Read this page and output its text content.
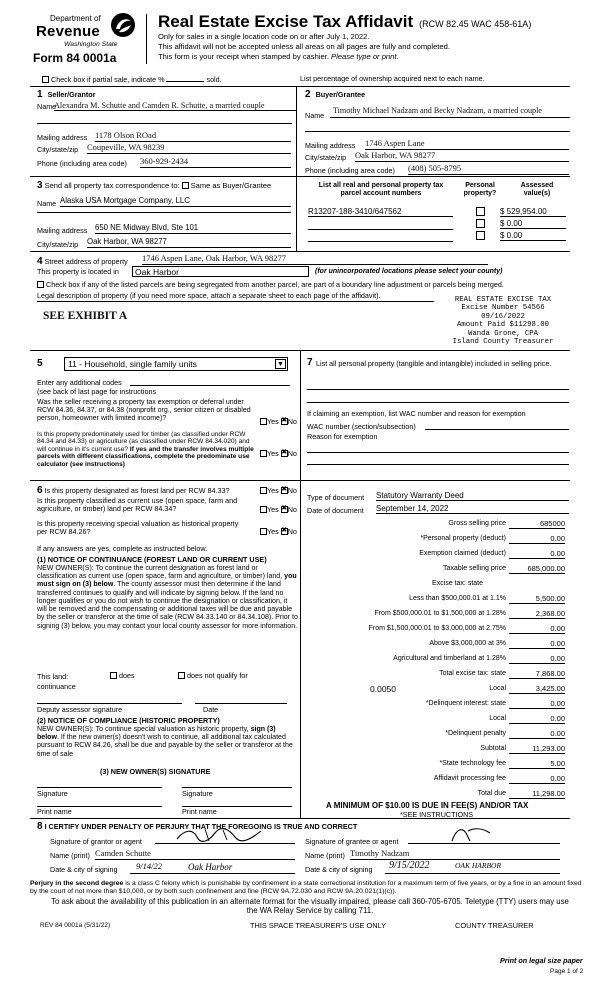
Department of
Revenue
Washington State
Form 84 0001a
Real Estate Excise Tax Affidavit (RCW 82.45 WAC 458-61A)
Only for sales in a single location code on or after July 1, 2022.
This affidavit will not be accepted unless all areas on all pages are fully and completed.
This form is your receipt when stamped by cashier. Please type or print.
Check box if partial sale, indicate %	sold.	List percentage of ownership acquired next to each name.
1 Seller/Grantor
Name
Alexandra M. Schutte and Camden R. Schutte, a married couple
Mailing address 1178 Olson ROad
City/state/zip Coupeville, WA 98239
Phone (including area code) 360-929-2434
2 Buyer/Grantee
Name
Timothy Michael Nadzam and Becky Nadzam, a married couple
Mailing address 1746 Aspen Lane
City/state/zip Oak Harbor, WA 98277
Phone (including area code) (408) 505-8795
3 Send all property tax correspondence to: Same as Buyer/Grantee
Name Alaska USA Mortgage Company, LLC
Mailing address 650 NE Midway Blvd, Ste 101
City/state/zip Oak Harbor, WA 98277
List all real and personal property tax parcel account numbers
Personal property?
Assessed value(s)
R13207-188-3410/647562	$ 529,954.00
$ 0.00
$ 0.00
4 Street address of property 1746 Aspen Lane, Oak Harbor, WA 98277
This property is located in	Oak Harbor	(for unincorporated locations please select your county)
Check box if any of the listed parcels are being segregated from another parcel, are part of a boundary line adjustment or parcels being merged.
Legal description of property (if you need more space, attach a separate sheet to each page of the affidavit).
SEE EXHIBIT A
REAL ESTATE EXCISE TAX
Excise Number 54566
09/16/2022
Amount Paid $11298.00
Wanda Grone, CPA
Island County Treasurer
5	11 - Household, single family units	▼
Enter any additional codes
(see back of last page for instructions
Was the seller receiving a property tax exemption or deferral under RCW 84.36, 84.37, or 84.38 (nonprofit org., senior citizen or disabled person, homeowner with limited income)?	Yes ✖ No
Is this property predominately used for timber (as classified under RCW 84.34 and 84.33) or agriculture (as classified under RCW 84.34.020) and will continue in it's current use? If yes and the transfer involves multiple parcels with different classifications, complete the predominate use calculator (see instructions)
Yes ✖ No
7 List all personal property (tangible and intangible) included in selling price.
If claiming an exemption, list WAC number and reason for exemption
WAC number (section/subsection)
Reason for exemption
6 Is this property designated as forest land per RCW 84.33?	Yes ✖ No
Is this property classified as current use (open space, farm and agriculture, or timber) land per RCW 84.34?	Yes ✖ No
Is this property receiving special valuation as historical property per RCW 84.26?	Yes ✖ No
If any answers are yes, complete as instructed below.
(1) NOTICE OF CONTINUANCE (FOREST LAND OR CURRENT USE)
NEW OWNER(S): To continue the current designation as forest land or classification as current use (open space, farm and agriculture, or timber) land, you must sign on (3) below. The county assessor must then determine if the land transferred continues to qualify and will indicate by signing below. If the land no longer qualifies or you do not wish to continue the designation or classification, it will be removed and the compensating or additional taxes will be due and payable by the seller or transferor at the time of sale (RCW 84.33.140 or 84.34.108). Prior to signing (3) below, you may contact your local county assessor for more information.
This land:	does	does not qualify for
continuance
Deputy assessor signature	Date
(2) NOTICE OF COMPLIANCE (HISTORIC PROPERTY)
NEW OWNER(S): To continue special valuation as historic property, sign (3) below. If the new owner(s) doesn't wish to continue, all additional tax calculated pursuant to RCW 84.26, shall be due and payable by the seller or transferor at the time of sale
(3) NEW OWNER(S) SIGNATURE
Signature	Signature
Print name	Print name
Type of document Statutory Warranty Deed
Date of document September 14, 2022
Gross selling price	685000
*Personal property (deduct)	0.00
Exemption claimed (deduct)	0.00
Taxable selling price	685,000.00
Excise tax: state
Less than $500,000.01 at 1.1%	5,500.00
From $500,000.01 to $1,500,000 at 1.28%	2,368.00
From $1,500,000.01 to $3,000,000 at 2.75%	0.00
Above $3,000,000 at 3%	0.00
Agricultural and timberland at 1.28%	0.00
Total excise tax: state	7,868.00
0.0050	Local	3,425.00
*Delinquent interest: state	0.00
Local	0.00
*Delinquent penalty	0.00
Subtotal	11,293.00
*State technology fee	5.00
Affidavit processing fee	0.00
Total due	11,298.00
A MINIMUM OF $10.00 IS DUE IN FEE(S) AND/OR TAX
*SEE INSTRUCTIONS
8 I CERTIFY UNDER PENALTY OF PERJURY THAT THE FOREGOING IS TRUE AND CORRECT
Signature of grantor or agent	Signature of grantee or agent
Name (print) Camden Schutte	Name (print) Timothy Nadzam
Date & city of signing 9/14/22	Oak Harbor	Date & city of signing 9/15/2022	OAK HARBOR
Perjury in the second degree is a class C felony which is punishable by confinement in a state correctional institution for a maximum term of five years, or by a fine in an amount fixed by the court of not more than $10,000, or by both such confinement and fine (RCW 9A.72.030 and RCW 9A.20.021(1)(c)).
To ask about the availability of this publication in an alternate format for the visually impaired, please call 360-705-6705. Teletype (TTY) users may use the WA Relay Service by calling 711.
REV 84 0001a (5/31/22)	THIS SPACE TREASURER'S USE ONLY	COUNTY TREASURER
Print on legal size paper
Page 1 of 2
